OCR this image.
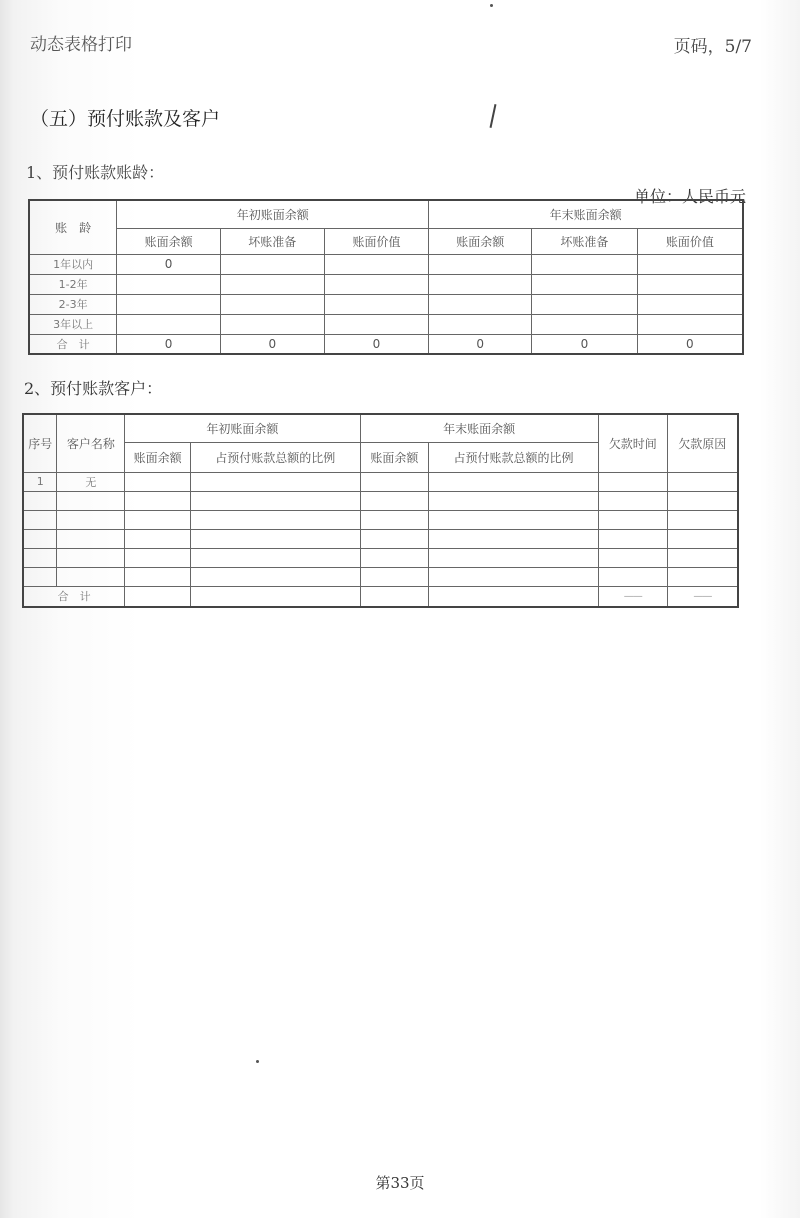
动态表格打印	页码，5/7
（五）预付账款及客户
1、预付账款账龄：
单位：人民币元
账　龄	年初账面余额			年末账面余额		
	账面余额	坏账准备	账面价值	账面余额	坏账准备	账面价值
1年以内	0					
1-2年						
2-3年						
3年以上						
合　计	0	0	0	0	0	0
2、预付账款客户：
序号	客户名称	年初账面余额		年末账面余额		欠款时间	欠款原因
		账面余额	占预付账款总额的比例	账面余额	占预付账款总额的比例		
1	无						

合　计						——	——
第33页
